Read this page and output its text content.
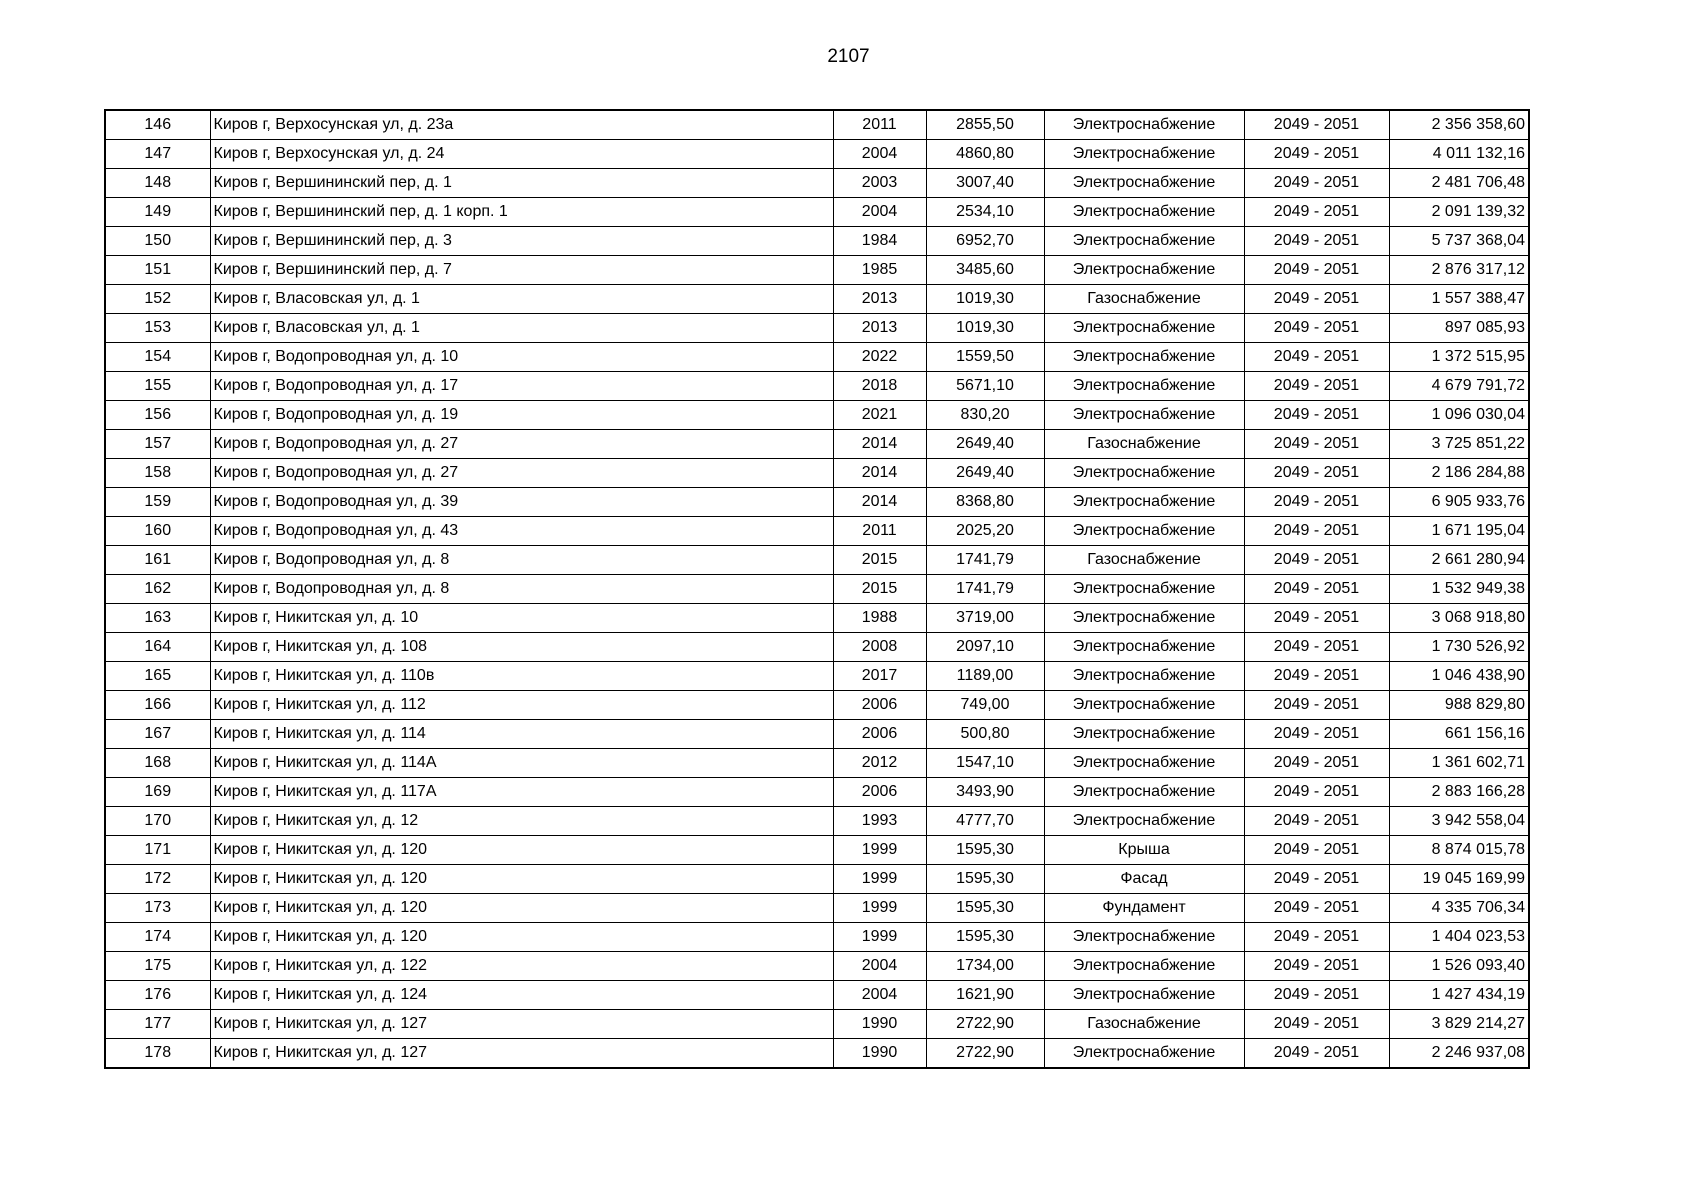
2107
146	Киров г, Верхосунская ул, д. 23а	2011	2855,50	Электроснабжение	2049 - 2051	2 356 358,60
147	Киров г, Верхосунская ул, д. 24	2004	4860,80	Электроснабжение	2049 - 2051	4 011 132,16
148	Киров г, Вершининский пер, д. 1	2003	3007,40	Электроснабжение	2049 - 2051	2 481 706,48
149	Киров г, Вершининский пер, д. 1 корп. 1	2004	2534,10	Электроснабжение	2049 - 2051	2 091 139,32
150	Киров г, Вершининский пер, д. 3	1984	6952,70	Электроснабжение	2049 - 2051	5 737 368,04
151	Киров г, Вершининский пер, д. 7	1985	3485,60	Электроснабжение	2049 - 2051	2 876 317,12
152	Киров г, Власовская ул, д. 1	2013	1019,30	Газоснабжение	2049 - 2051	1 557 388,47
153	Киров г, Власовская ул, д. 1	2013	1019,30	Электроснабжение	2049 - 2051	897 085,93
154	Киров г, Водопроводная ул, д. 10	2022	1559,50	Электроснабжение	2049 - 2051	1 372 515,95
155	Киров г, Водопроводная ул, д. 17	2018	5671,10	Электроснабжение	2049 - 2051	4 679 791,72
156	Киров г, Водопроводная ул, д. 19	2021	830,20	Электроснабжение	2049 - 2051	1 096 030,04
157	Киров г, Водопроводная ул, д. 27	2014	2649,40	Газоснабжение	2049 - 2051	3 725 851,22
158	Киров г, Водопроводная ул, д. 27	2014	2649,40	Электроснабжение	2049 - 2051	2 186 284,88
159	Киров г, Водопроводная ул, д. 39	2014	8368,80	Электроснабжение	2049 - 2051	6 905 933,76
160	Киров г, Водопроводная ул, д. 43	2011	2025,20	Электроснабжение	2049 - 2051	1 671 195,04
161	Киров г, Водопроводная ул, д. 8	2015	1741,79	Газоснабжение	2049 - 2051	2 661 280,94
162	Киров г, Водопроводная ул, д. 8	2015	1741,79	Электроснабжение	2049 - 2051	1 532 949,38
163	Киров г, Никитская ул, д. 10	1988	3719,00	Электроснабжение	2049 - 2051	3 068 918,80
164	Киров г, Никитская ул, д. 108	2008	2097,10	Электроснабжение	2049 - 2051	1 730 526,92
165	Киров г, Никитская ул, д. 110в	2017	1189,00	Электроснабжение	2049 - 2051	1 046 438,90
166	Киров г, Никитская ул, д. 112	2006	749,00	Электроснабжение	2049 - 2051	988 829,80
167	Киров г, Никитская ул, д. 114	2006	500,80	Электроснабжение	2049 - 2051	661 156,16
168	Киров г, Никитская ул, д. 114А	2012	1547,10	Электроснабжение	2049 - 2051	1 361 602,71
169	Киров г, Никитская ул, д. 117А	2006	3493,90	Электроснабжение	2049 - 2051	2 883 166,28
170	Киров г, Никитская ул, д. 12	1993	4777,70	Электроснабжение	2049 - 2051	3 942 558,04
171	Киров г, Никитская ул, д. 120	1999	1595,30	Крыша	2049 - 2051	8 874 015,78
172	Киров г, Никитская ул, д. 120	1999	1595,30	Фасад	2049 - 2051	19 045 169,99
173	Киров г, Никитская ул, д. 120	1999	1595,30	Фундамент	2049 - 2051	4 335 706,34
174	Киров г, Никитская ул, д. 120	1999	1595,30	Электроснабжение	2049 - 2051	1 404 023,53
175	Киров г, Никитская ул, д. 122	2004	1734,00	Электроснабжение	2049 - 2051	1 526 093,40
176	Киров г, Никитская ул, д. 124	2004	1621,90	Электроснабжение	2049 - 2051	1 427 434,19
177	Киров г, Никитская ул, д. 127	1990	2722,90	Газоснабжение	2049 - 2051	3 829 214,27
178	Киров г, Никитская ул, д. 127	1990	2722,90	Электроснабжение	2049 - 2051	2 246 937,08
